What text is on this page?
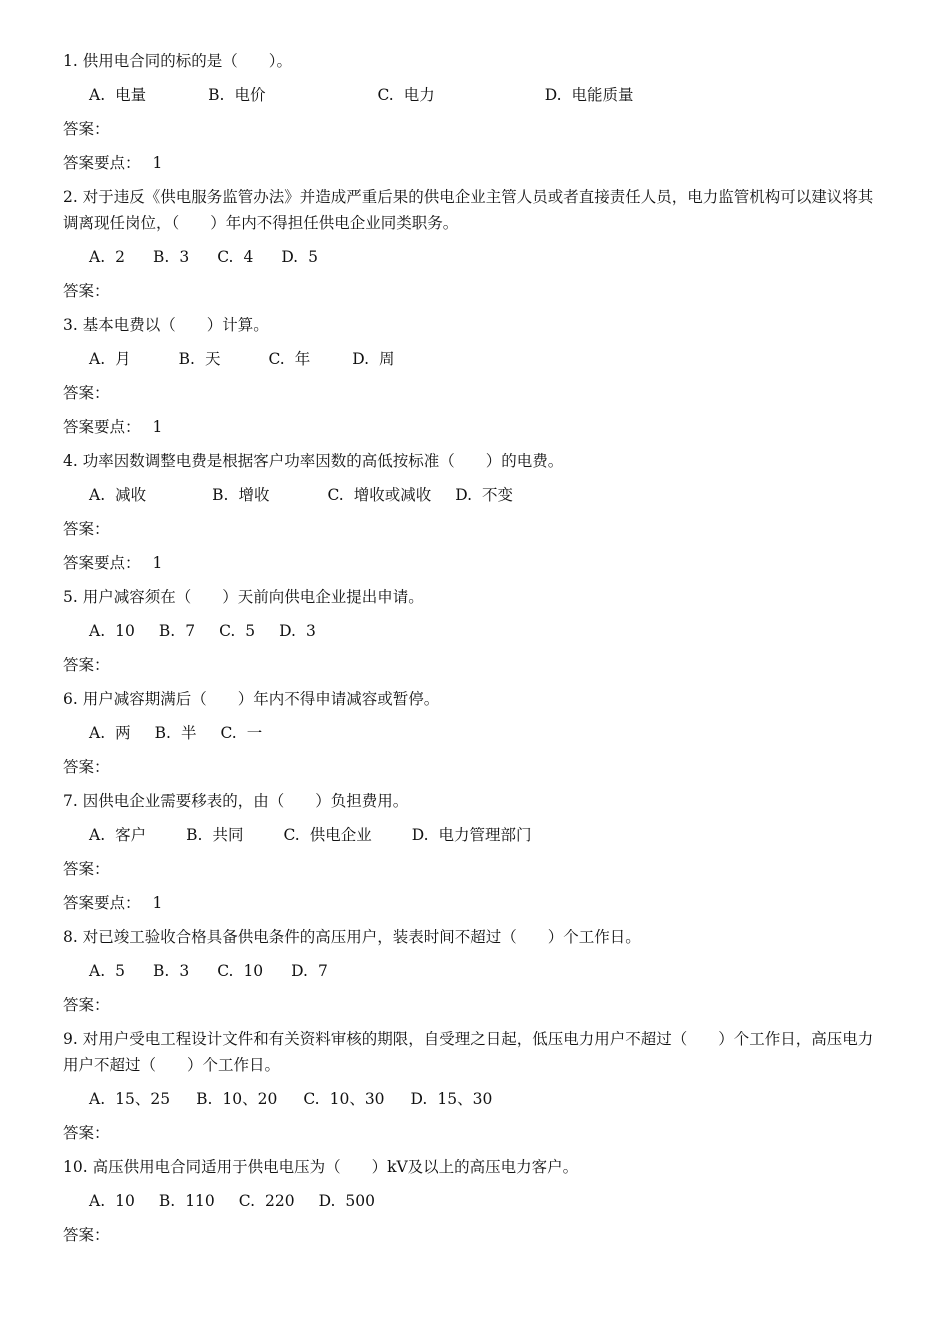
1. 供用电合同的标的是（　　）。

A. 电量	B. 电价	C. 电力	D. 电能质量

答案：

答案要点： 1

2. 对于违反《供电服务监管办法》并造成严重后果的供电企业主管人员或者直接责任人员，电力监管机构可以建议将其调离现任岗位，（　　）年内不得担任供电企业同类职务。

A. 2 B. 3 C. 4 D. 5

答案：

3. 基本电费以（　　）计算。

A. 月	B. 天	C. 年	D. 周

答案：

答案要点： 1

4. 功率因数调整电费是根据客户功率因数的高低按标准（　　）的电费。

A. 减收	B. 增收	C. 增收或减收 D. 不变

答案：

答案要点： 1

5. 用户减容须在（　　）天前向供电企业提出申请。

A. 10 B. 7 C. 5 D. 3

答案：

6. 用户减容期满后（　　）年内不得申请减容或暂停。

A. 两 B. 半 C. 一

答案：

7. 因供电企业需要移表的，由（　　）负担费用。

A. 客户	B. 共同	C. 供电企业	D. 电力管理部门

答案：

答案要点： 1

8. 对已竣工验收合格具备供电条件的高压用户，装表时间不超过（　　）个工作日。

A. 5 B. 3 C. 10 D. 7

答案：

9. 对用户受电工程设计文件和有关资料审核的期限，自受理之日起，低压电力用户不超过（　　）个工作日，高压电力用户不超过（　　）个工作日。

A. 15、25 B. 10、20 C. 10、30 D. 15、30

答案：

10. 高压供用电合同适用于供电电压为（　　）kV及以上的高压电力客户。

A. 10 B. 110 C. 220 D. 500

答案：
